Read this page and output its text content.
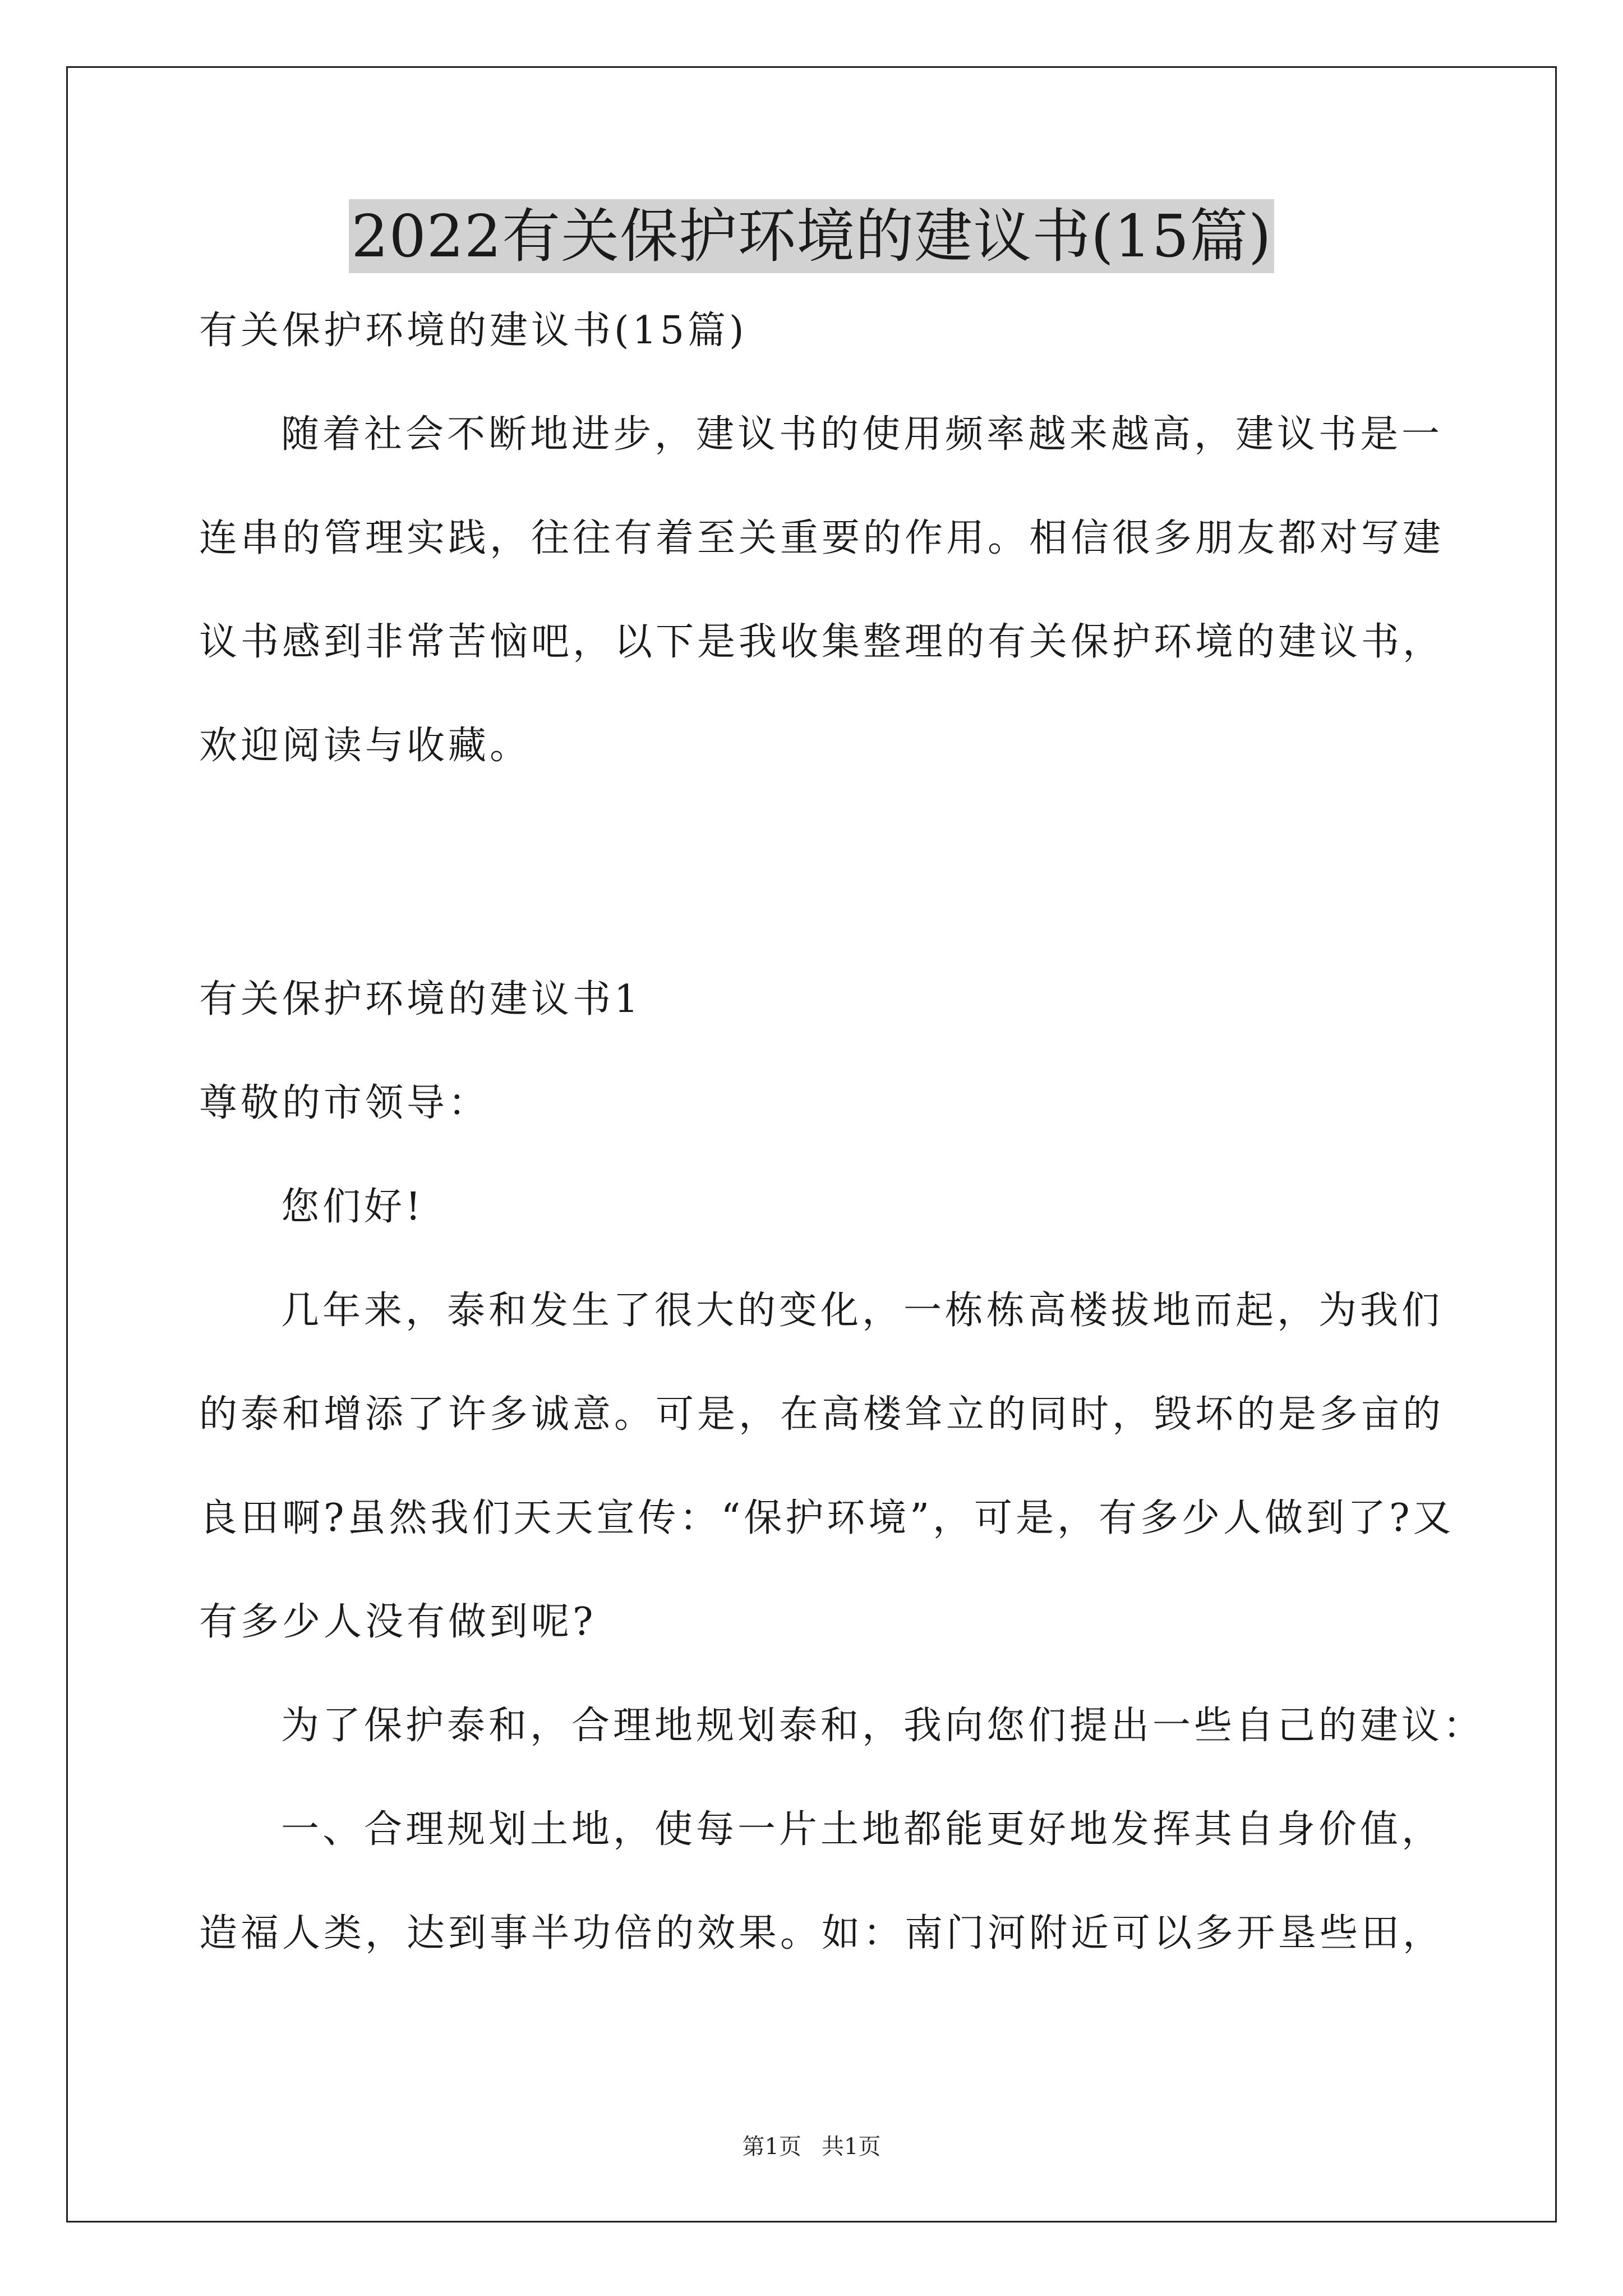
2022有关保护环境的建议书(15篇)
有关保护环境的建议书(15篇)
随着社会不断地进步，建议书的使用频率越来越高，建议书是一
连串的管理实践，往往有着至关重要的作用。相信很多朋友都对写建
议书感到非常苦恼吧，以下是我收集整理的有关保护环境的建议书，
欢迎阅读与收藏。
有关保护环境的建议书1
尊敬的市领导：
您们好!
几年来，泰和发生了很大的变化，一栋栋高楼拔地而起，为我们
的泰和增添了许多诚意。可是，在高楼耸立的同时，毁坏的是多亩的
良田啊?虽然我们天天宣传：“保护环境”，可是，有多少人做到了?又
有多少人没有做到呢?
为了保护泰和，合理地规划泰和，我向您们提出一些自己的建议：
一、合理规划土地，使每一片土地都能更好地发挥其自身价值，
造福人类，达到事半功倍的效果。如：南门河附近可以多开垦些田，
第1页 共1页
